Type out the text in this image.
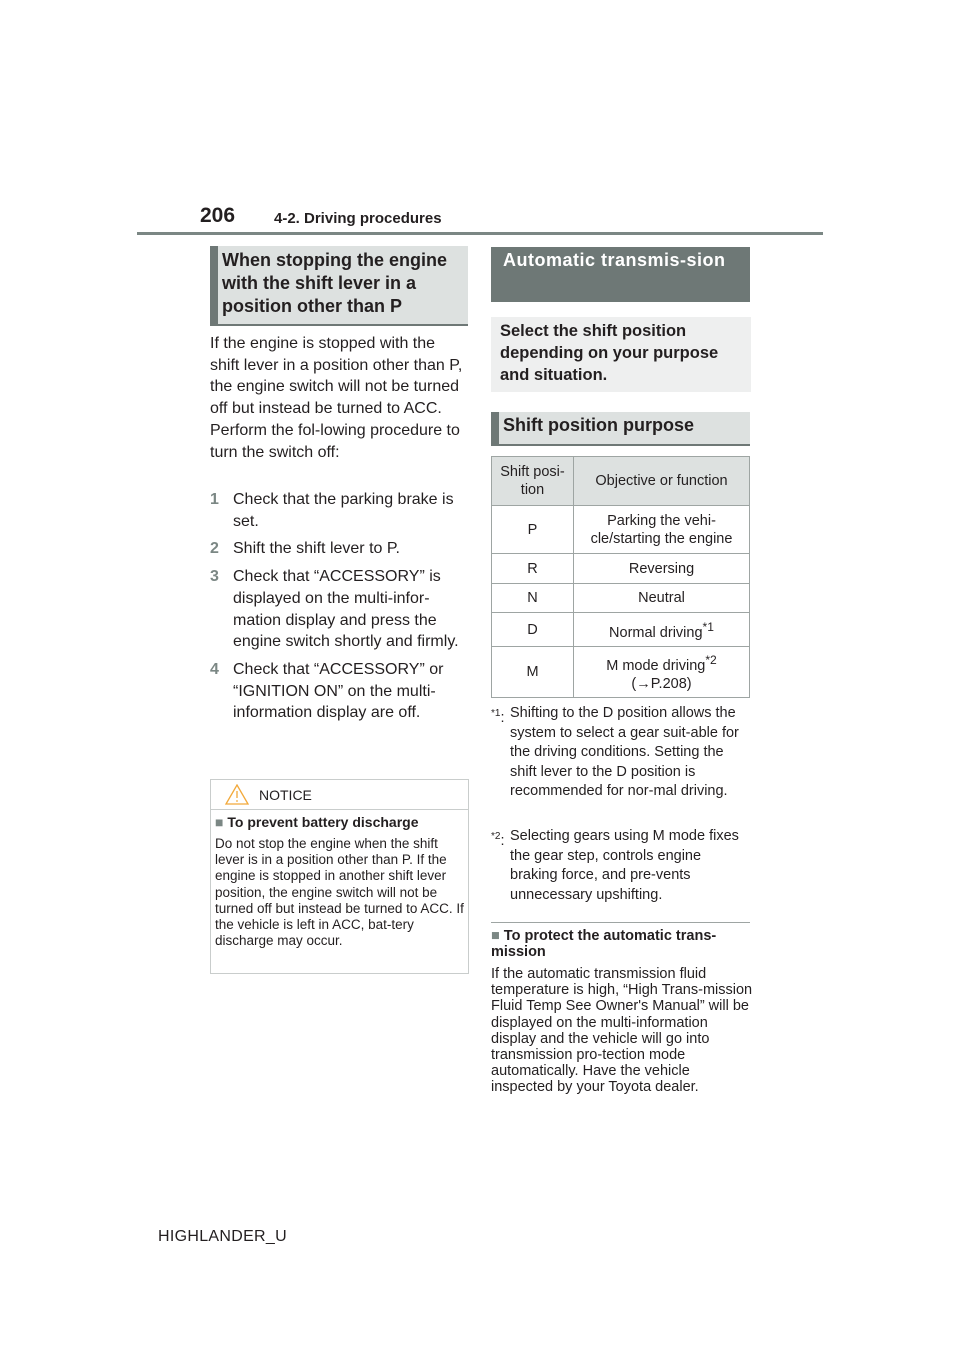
206	4-2. Driving procedures
When stopping the engine with the shift lever in a position other than P
If the engine is stopped with the shift lever in a position other than P, the engine switch will not be turned off but instead be turned to ACC. Perform the fol-lowing procedure to turn the switch off:
1 Check that the parking brake is set.
2 Shift the shift lever to P.
3 Check that “ACCESSORY” is displayed on the multi-infor-mation display and press the engine switch shortly and firmly.
4 Check that “ACCESSORY” or “IGNITION ON” on the multi-information display are off.
NOTICE
■ To prevent battery discharge
Do not stop the engine when the shift lever is in a position other than P. If the engine is stopped in another shift lever position, the engine switch will not be turned off but instead be turned to ACC. If the vehicle is left in ACC, bat-tery discharge may occur.
Automatic transmis-sion
Select the shift position depending on your purpose and situation.
Shift position purpose
Shift posi-tion	Objective or function
P	Parking the vehi-cle/starting the engine
R	Reversing
N	Neutral
D	Normal driving$^{*1}$
M	M mode driving$^{*2}$
(→P.208)
$^{*1}$: Shifting to the D position allows the system to select a gear suit-able for the driving conditions. Setting the shift lever to the D position is recommended for nor-mal driving.
$^{*2}$: Selecting gears using M mode fixes the gear step, controls engine braking force, and pre-vents unnecessary upshifting.
■ To protect the automatic trans-mission
If the automatic transmission fluid temperature is high, “High Trans-mission Fluid Temp See Owner's Manual” will be displayed on the multi-information display and the vehicle will go into transmission pro-tection mode automatically. Have the vehicle inspected by your Toyota dealer.
HIGHLANDER_U
